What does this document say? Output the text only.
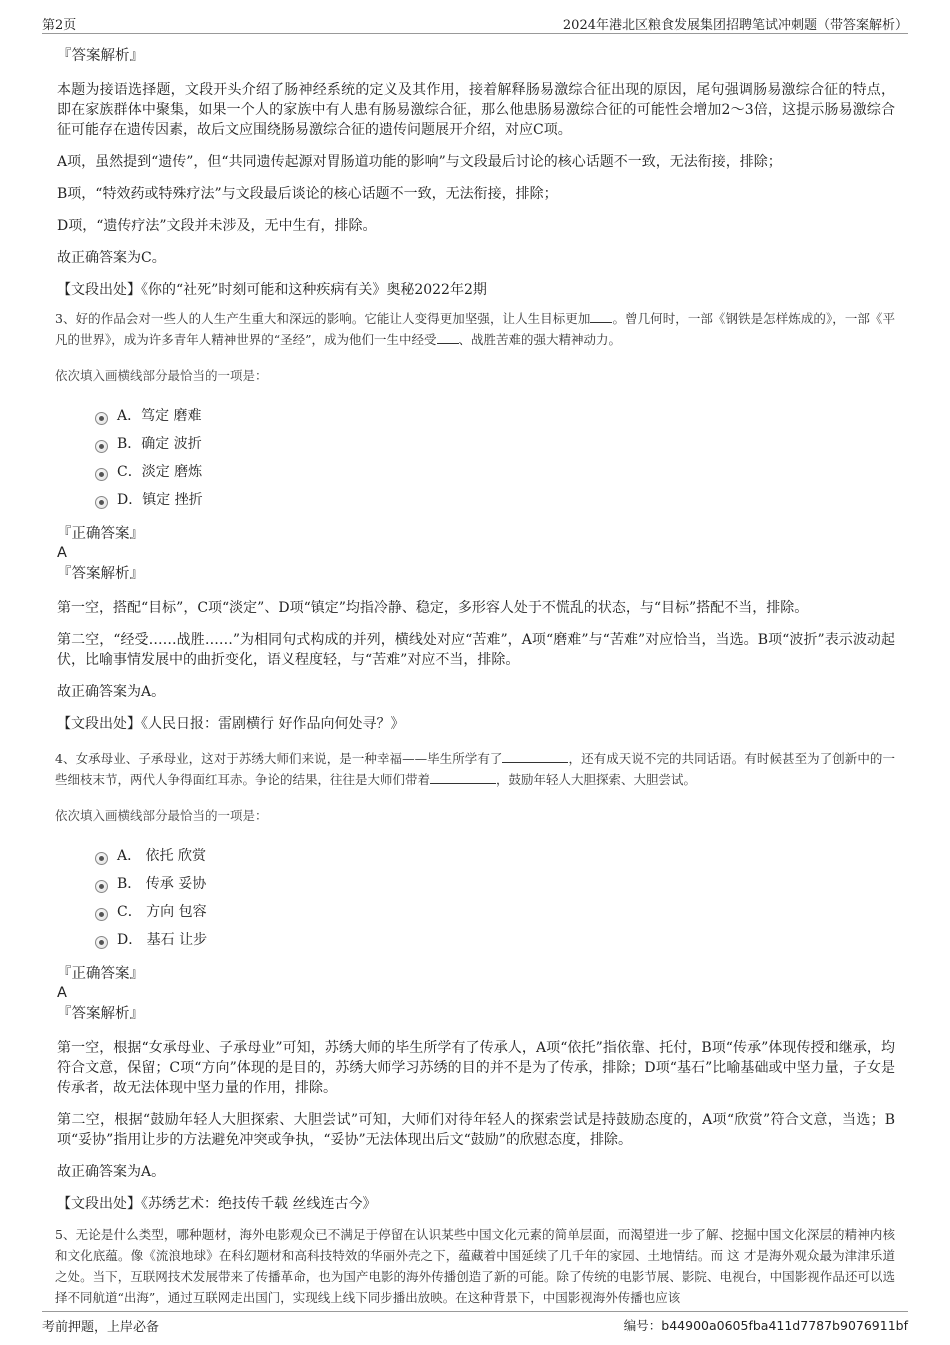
第2页	2024年港北区粮食发展集团招聘笔试冲刺题（带答案解析）
『答案解析』
本题为接语选择题，文段开头介绍了肠神经系统的定义及其作用，接着解释肠易激综合征出现的原因，尾句强调肠易激综合征的特点，即在家族群体中聚集，如果一个人的家族中有人患有肠易激综合征，那么他患肠易激综合征的可能性会增加2～3倍，这提示肠易激综合征可能存在遗传因素，故后文应围绕肠易激综合征的遗传问题展开介绍，对应C项。
A项，虽然提到“遗传”，但“共同遗传起源对胃肠道功能的影响”与文段最后讨论的核心话题不一致，无法衔接，排除；
B项，“特效药或特殊疗法”与文段最后谈论的核心话题不一致，无法衔接，排除；
D项，“遗传疗法”文段并未涉及，无中生有，排除。
故正确答案为C。
【文段出处】《你的“社死”时刻可能和这种疾病有关》奥秘2022年2期
3、好的作品会对一些人的人生产生重大和深远的影响。它能让人变得更加坚强，让人生目标更加 。曾几何时，一部《钢铁是怎样炼成的》，一部《平凡的世界》，成为许多青年人精神世界的“圣经”，成为他们一生中经受 、战胜苦难的强大精神动力。
依次填入画横线部分最恰当的一项是：
A．笃定 磨难
B．确定 波折
C．淡定 磨炼
D．镇定 挫折
『正确答案』
A
『答案解析』
第一空，搭配“目标”，C项“淡定”、D项“镇定”均指冷静、稳定，多形容人处于不慌乱的状态，与“目标”搭配不当，排除。
第二空，“经受……战胜……”为相同句式构成的并列，横线处对应“苦难”，A项“磨难”与“苦难”对应恰当，当选。B项“波折”表示波动起伏，比喻事情发展中的曲折变化，语义程度轻，与“苦难”对应不当，排除。
故正确答案为A。
【文段出处】《人民日报：雷剧横行 好作品向何处寻？》
4、女承母业、子承母业，这对于苏绣大师们来说，是一种幸福——毕生所学有了	，还有成天说不完的共同话语。有时候甚至为了创新中的一些细枝末节，两代人争得面红耳赤。争论的结果，往往是大师们带着	，鼓励年轻人大胆探索、大胆尝试。
依次填入画横线部分最恰当的一项是：
A． 依托 欣赏
B． 传承 妥协
C． 方向 包容
D． 基石 让步
『正确答案』
A
『答案解析』
第一空，根据“女承母业、子承母业”可知，苏绣大师的毕生所学有了传承人，A项“依托”指依靠、托付，B项“传承”体现传授和继承，均符合文意，保留；C项“方向”体现的是目的，苏绣大师学习苏绣的目的并不是为了传承，排除；D项“基石”比喻基础或中坚力量，子女是传承者，故无法体现中坚力量的作用，排除。
第二空，根据“鼓励年轻人大胆探索、大胆尝试”可知，大师们对待年轻人的探索尝试是持鼓励态度的，A项“欣赏”符合文意，当选；B项“妥协”指用让步的方法避免冲突或争执，“妥协”无法体现出后文“鼓励”的欣慰态度，排除。
故正确答案为A。
【文段出处】《苏绣艺术：绝技传千载 丝线连古今》
5、无论是什么类型，哪种题材，海外电影观众已不满足于停留在认识某些中国文化元素的简单层面，而渴望进一步了解、挖掘中国文化深层的精神内核和文化底蕴。像《流浪地球》在科幻题材和高科技特效的华丽外壳之下，蕴藏着中国延续了几千年的家园、土地情结。而 这 才是海外观众最为津津乐道之处。当下，互联网技术发展带来了传播革命，也为国产电影的海外传播创造了新的可能。除了传统的电影节展、影院、电视台，中国影视作品还可以选择不同航道“出海”，通过互联网走出国门，实现线上线下同步播出放映。在这种背景下，中国影视海外传播也应该
考前押题，上岸必备	编号：b44900a0605fba411d7787b9076911bf
